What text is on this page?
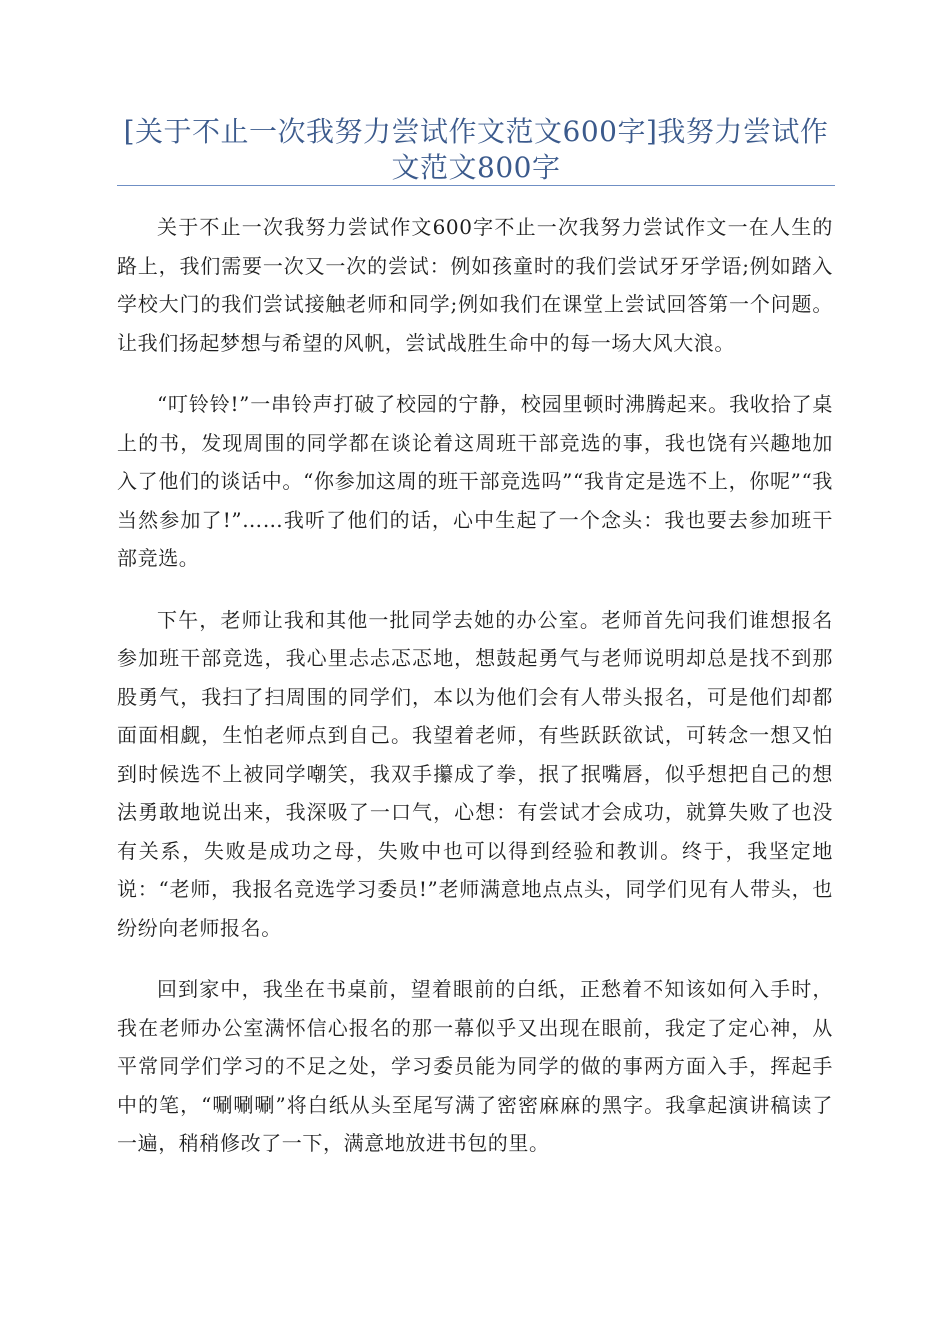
[关于不止一次我努力尝试作文范文600字]我努力尝试作文范文800字

关于不止一次我努力尝试作文600字不止一次我努力尝试作文一在人生的路上，我们需要一次又一次的尝试：例如孩童时的我们尝试牙牙学语;例如踏入学校大门的我们尝试接触老师和同学;例如我们在课堂上尝试回答第一个问题。让我们扬起梦想与希望的风帆，尝试战胜生命中的每一场大风大浪。

“叮铃铃!”一串铃声打破了校园的宁静，校园里顿时沸腾起来。我收拾了桌上的书，发现周围的同学都在谈论着这周班干部竞选的事，我也饶有兴趣地加入了他们的谈话中。“你参加这周的班干部竞选吗”“我肯定是选不上，你呢”“我当然参加了!”……我听了他们的话，心中生起了一个念头：我也要去参加班干部竞选。

下午，老师让我和其他一批同学去她的办公室。老师首先问我们谁想报名参加班干部竞选，我心里忐忐忑忑地，想鼓起勇气与老师说明却总是找不到那股勇气，我扫了扫周围的同学们，本以为他们会有人带头报名，可是他们却都面面相觑，生怕老师点到自己。我望着老师，有些跃跃欲试，可转念一想又怕到时候选不上被同学嘲笑，我双手攥成了拳，抿了抿嘴唇，似乎想把自己的想法勇敢地说出来，我深吸了一口气，心想：有尝试才会成功，就算失败了也没有关系，失败是成功之母，失败中也可以得到经验和教训。终于，我坚定地说：“老师，我报名竞选学习委员!”老师满意地点点头，同学们见有人带头，也纷纷向老师报名。

回到家中，我坐在书桌前，望着眼前的白纸，正愁着不知该如何入手时，我在老师办公室满怀信心报名的那一幕似乎又出现在眼前，我定了定心神，从平常同学们学习的不足之处，学习委员能为同学的做的事两方面入手，挥起手中的笔，“唰唰唰”将白纸从头至尾写满了密密麻麻的黑字。我拿起演讲稿读了一遍，稍稍修改了一下，满意地放进书包的里。
